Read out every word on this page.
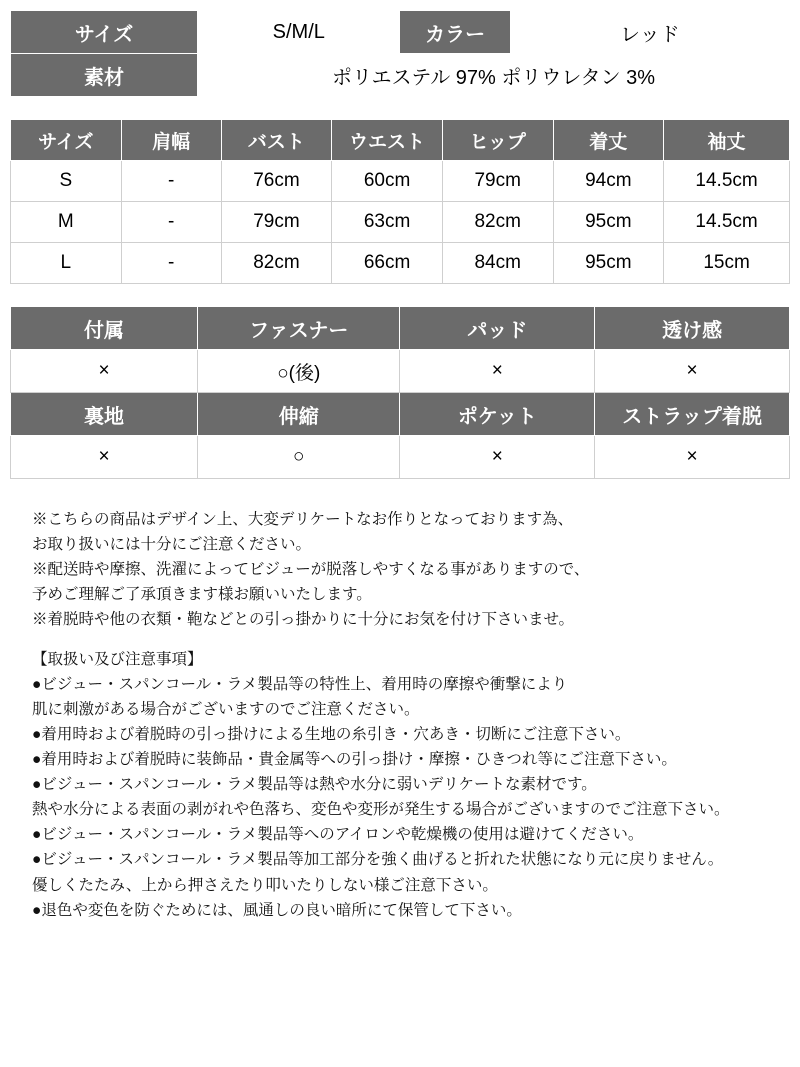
サイズ	S/M/L	カラー	レッド
素材	ポリエステル 97% ポリウレタン 3%		
サイズ	肩幅	バスト	ウエスト	ヒップ	着丈	袖丈
S	-	76cm	60cm	79cm	94cm	14.5cm
M	-	79cm	63cm	82cm	95cm	14.5cm
L	-	82cm	66cm	84cm	95cm	15cm
付属	ファスナー	パッド	透け感
×	○(後)	×	×
裏地	伸縮	ポケット	ストラップ着脱
×	○	×	×

※こちらの商品はデザイン上、大変デリケートなお作りとなっております為、

お取り扱いには十分にご注意ください。

※配送時や摩擦、洗濯によってビジューが脱落しやすくなる事がありますので、

予めご理解ご了承頂きます様お願いいたします。

※着脱時や他の衣類・鞄などとの引っ掛かりに十分にお気を付け下さいませ。

【取扱い及び注意事項】

●ビジュー・スパンコール・ラメ製品等の特性上、着用時の摩擦や衝撃により

肌に刺激がある場合がございますのでご注意ください。

●着用時および着脱時の引っ掛けによる生地の糸引き・穴あき・切断にご注意下さい。

●着用時および着脱時に装飾品・貴金属等への引っ掛け・摩擦・ひきつれ等にご注意下さい。

●ビジュー・スパンコール・ラメ製品等は熱や水分に弱いデリケートな素材です。

熱や水分による表面の剥がれや色落ち、変色や変形が発生する場合がございますのでご注意下さい。

●ビジュー・スパンコール・ラメ製品等へのアイロンや乾燥機の使用は避けてください。

●ビジュー・スパンコール・ラメ製品等加工部分を強く曲げると折れた状態になり元に戻りません。

優しくたたみ、上から押さえたり叩いたりしない様ご注意下さい。

●退色や変色を防ぐためには、風通しの良い暗所にて保管して下さい。
